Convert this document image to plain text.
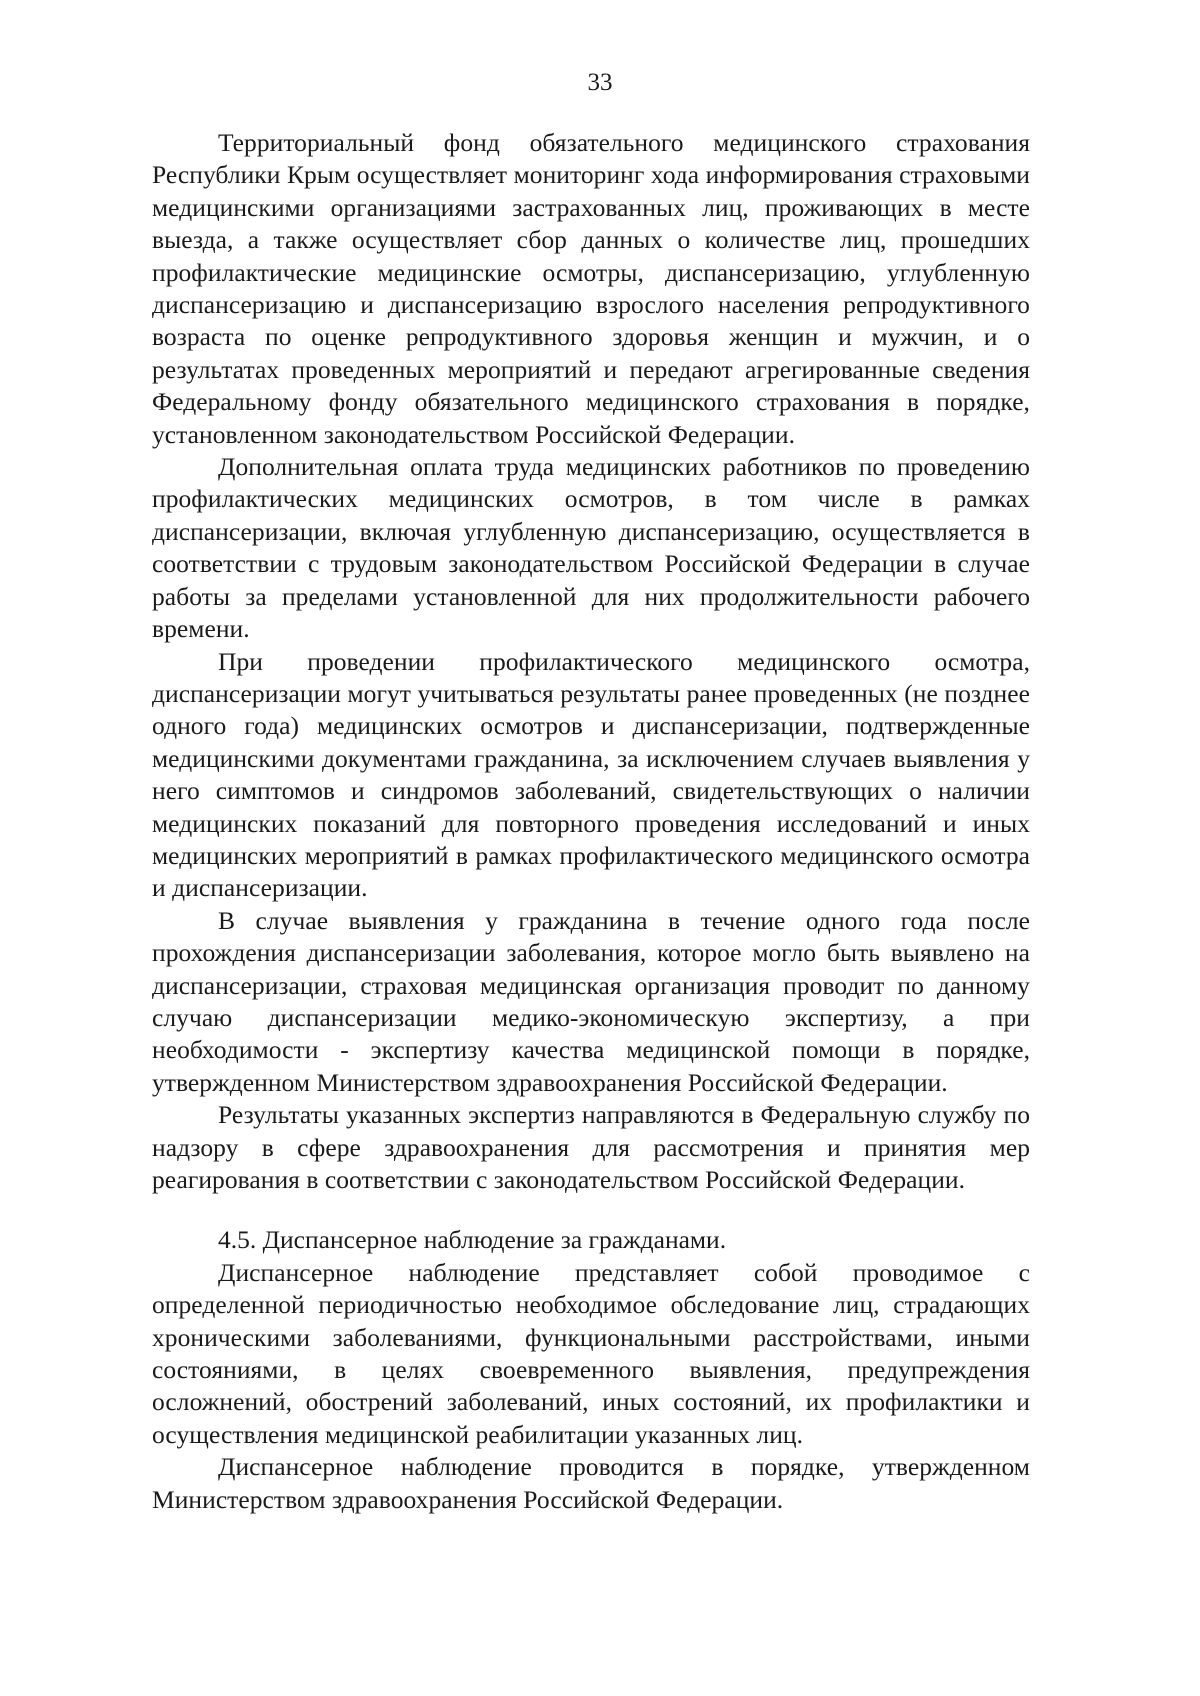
33

Территориальный фонд обязательного медицинского страхования Республики Крым осуществляет мониторинг хода информирования страховыми медицинскими организациями застрахованных лиц, проживающих в месте выезда, а также осуществляет сбор данных о количестве лиц, прошедших профилактические медицинские осмотры, диспансеризацию, углубленную диспансеризацию и диспансеризацию взрослого населения репродуктивного возраста по оценке репродуктивного здоровья женщин и мужчин, и о результатах проведенных мероприятий и передают агрегированные сведения Федеральному фонду обязательного медицинского страхования в порядке, установленном законодательством Российской Федерации.

Дополнительная оплата труда медицинских работников по проведению профилактических медицинских осмотров, в том числе в рамках диспансеризации, включая углубленную диспансеризацию, осуществляется в соответствии с трудовым законодательством Российской Федерации в случае работы за пределами установленной для них продолжительности рабочего времени.

При проведении профилактического медицинского осмотра, диспансеризации могут учитываться результаты ранее проведенных (не позднее одного года) медицинских осмотров и диспансеризации, подтвержденные медицинскими документами гражданина, за исключением случаев выявления у него симптомов и синдромов заболеваний, свидетельствующих о наличии медицинских показаний для повторного проведения исследований и иных медицинских мероприятий в рамках профилактического медицинского осмотра и диспансеризации.

В случае выявления у гражданина в течение одного года после прохождения диспансеризации заболевания, которое могло быть выявлено на диспансеризации, страховая медицинская организация проводит по данному случаю диспансеризации медико-экономическую экспертизу, а при необходимости - экспертизу качества медицинской помощи в порядке, утвержденном Министерством здравоохранения Российской Федерации.

Результаты указанных экспертиз направляются в Федеральную службу по надзору в сфере здравоохранения для рассмотрения и принятия мер реагирования в соответствии с законодательством Российской Федерации.

4.5. Диспансерное наблюдение за гражданами.

Диспансерное наблюдение представляет собой проводимое с определенной периодичностью необходимое обследование лиц, страдающих хроническими заболеваниями, функциональными расстройствами, иными состояниями, в целях своевременного выявления, предупреждения осложнений, обострений заболеваний, иных состояний, их профилактики и осуществления медицинской реабилитации указанных лиц.

Диспансерное наблюдение проводится в порядке, утвержденном Министерством здравоохранения Российской Федерации.
